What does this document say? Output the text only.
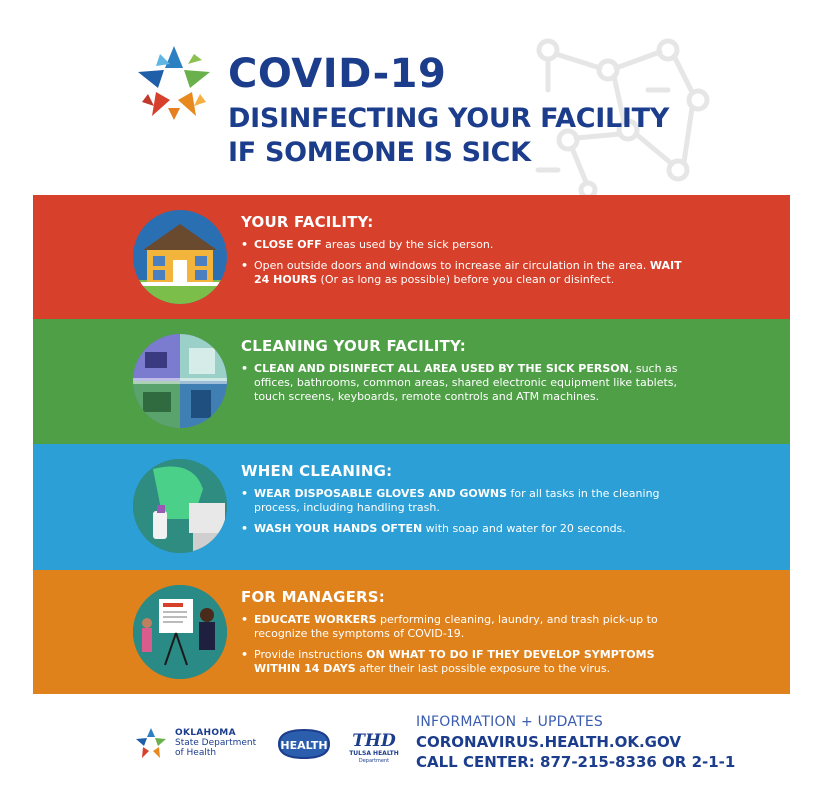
COVID-19
DISINFECTING YOUR FACILITY
IF SOMEONE IS SICK
YOUR FACILITY:
• CLOSE OFF areas used by the sick person.
• Open outside doors and windows to increase air circulation in the area. WAIT 24 HOURS (Or as long as possible) before you clean or disinfect.
CLEANING YOUR FACILITY:
• CLEAN AND DISINFECT ALL AREA USED BY THE SICK PERSON, such as offices, bathrooms, common areas, shared electronic equipment like tablets, touch screens, keyboards, remote controls and ATM machines.
WHEN CLEANING:
• WEAR DISPOSABLE GLOVES AND GOWNS for all tasks in the cleaning process, including handling trash.
• WASH YOUR HANDS OFTEN with soap and water for 20 seconds.
FOR MANAGERS:
• EDUCATE WORKERS performing cleaning, laundry, and trash pick-up to recognize the symptoms of COVID-19.
• Provide instructions ON WHAT TO DO IF THEY DEVELOP SYMPTOMS WITHIN 14 DAYS after their last possible exposure to the virus.
OKLAHOMA
State Department
of Health
HEALTH THD
TULSA HEALTH
Department
INFORMATION + UPDATES
CORONAVIRUS.HEALTH.OK.GOV
CALL CENTER: 877-215-8336 OR 2-1-1
